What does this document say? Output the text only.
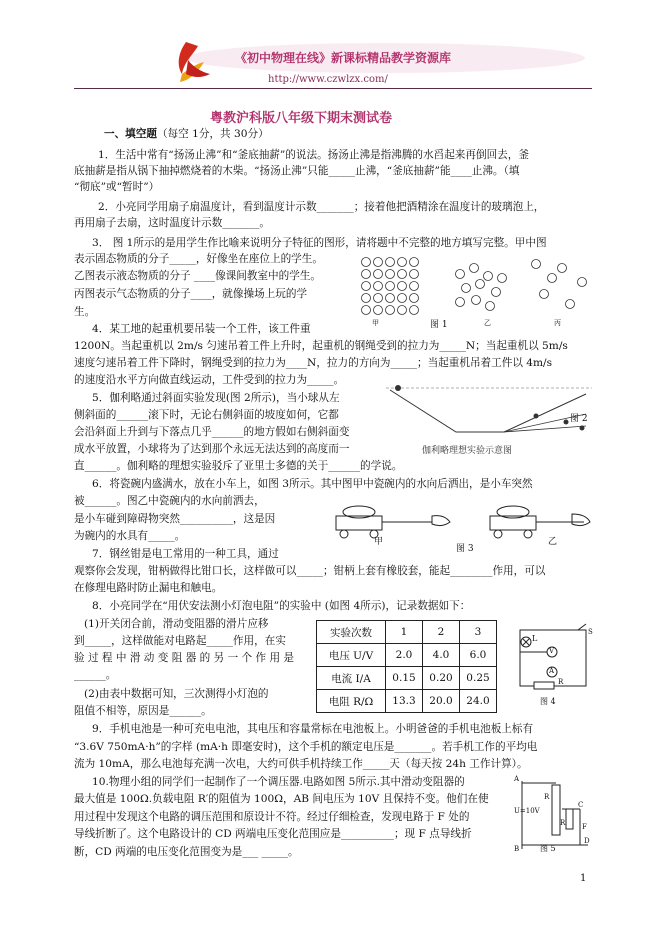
《初中物理在线》新课标精品教学资源库
http://www.czwlzx.com/
粤教沪科版八年级下期末测试卷
一、填空题（每空 1分，共 30分）
1．生活中常有“扬汤止沸”和“釜底抽薪”的说法。扬汤止沸是指沸腾的水舀起来再倒回去，釜
底抽薪是指从锅下抽掉燃烧着的木柴。“扬汤止沸”只能_____止沸，“釜底抽薪”能____止沸。（填
“彻底”或“暂时”）
2．小亮同学用扇子扇温度计，看到温度计示数_______；接着他把酒精涂在温度计的玻璃泡上，
再用扇子去扇，这时温度计示数_______。
3． 图 1所示的是用学生作比喻来说明分子特征的图形，请将题中不完整的地方填写完整。甲中图
表示固态物质的分子_____，好像坐在座位上的学生。
乙图表示液态物质的分子 ____像课间教室中的学生。
丙图表示气态物质的分子____，就像操场上玩的学
生。
图 1
甲	乙	丙
4．某工地的起重机要吊装一个工件，该工件重
1200N。当起重机以 2m/s 匀速吊着工件上升时，起重机的钢绳受到的拉力为_____N；当起重机以 5m/s
速度匀速吊着工件下降时，钢绳受到的拉力为____N，拉力的方向为_____；当起重机吊着工件以 4m/s
的速度沿水平方向做直线运动，工件受到的拉力为_____。
5．伽利略通过斜面实验发现(图 2所示)，当小球从左
侧斜面的______滚下时，无论右侧斜面的坡度如何，它都
会沿斜面上升到与下落点几乎______的地方假如右侧斜面变
成水平放置，小球将为了达到那个永远无法达到的高度而一
直______。伽利略的理想实验驳斥了亚里士多德的关于______的学说。
图 2
伽利略理想实验示意图
6．将瓷碗内盛满水，放在小车上，如图 3所示。其中图甲中瓷碗内的水向后洒出，是小车突然
被______。图乙中瓷碗内的水向前洒去，
是小车碰到障碍物突然__________，这是因
为碗内的水具有_____。	甲
图 3
乙
7．钢丝钳是电工常用的一种工具，通过
观察你会发现，钳柄做得比钳口长，这样做可以_____；钳柄上套有橡胶套，能起________作用，可以
在修理电路时防止漏电和触电。
8．小亮同学在“用伏安法测小灯泡电阻”的实验中 (如图 4所示)，记录数据如下：
(1)开关闭合前，滑动变阻器的滑片应移
到_____，这样做能对电路起_____作用，在实
验 过 程 中 滑 动 变 阻 器 的 另 一 个 作 用 是
______。
(2)由表中数据可知，三次测得小灯泡的
阻值不相等，原因是______。
实验次数	1	2	3
电压 U/V	2.0	4.0	6.0
电流 I/A	0.15	0.20	0.25
电阻 R/Ω	13.3	20.0	24.0
L
V
A
R
S
图 4
9．手机电池是一种可充电电池，其电压和容量常标在电池板上。小明爸爸的手机电池板上标有
“3.6V 750mA·h”的字样 (mA·h 即毫安时)，这个手机的额定电压是_______。若手机工作的平均电
流为 10mA，那么电池每充满一次电，大约可供手机持续工作_____天（每天按 24h 工作计算）。
10.物理小组的同学们一起制作了一个调压器.电路如图 5所示.其中滑动变阻器的
最大值是 100Ω.负载电阻 R′的阻值为 100Ω，AB 间电压为 10V 且保持不变。他们在使
用过程中发现这个电路的调压范围和原设计不符。经过仔细检查，发现电路于 F 处的
导线折断了。这个电路设计的 CD 两端电压变化范围应是__________；现 F 点导线折
断，CD 两端的电压变化范围变为是___ _____。
A
U=10V
R
R′ F
C
D
B	图 5
1
